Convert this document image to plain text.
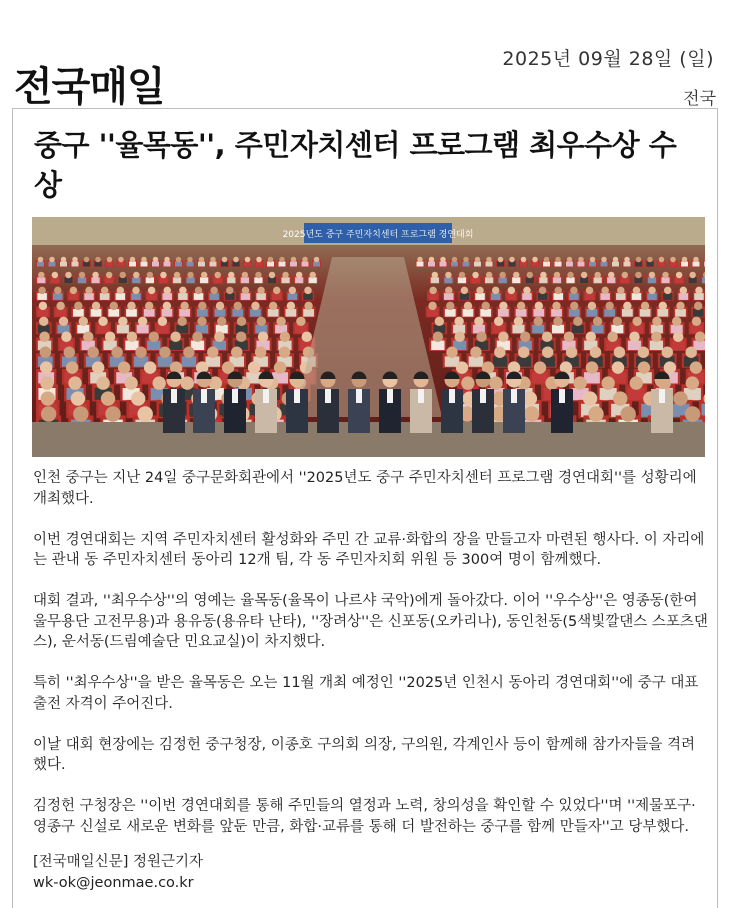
2025년 09월 28일 (일)
전국매일	전국
중구 ''율목동'', 주민자치센터 프로그램 최우수상 수상
2025년도 중구 주민자치센터 프로그램 경연대회

인천 중구는 지난 24일 중구문화회관에서 ''2025년도 중구 주민자치센터 프로그램 경연대회''를 성황리에 개최했다.

이번 경연대회는 지역 주민자치센터 활성화와 주민 간 교류·화합의 장을 만들고자 마련된 행사다. 이 자리에는 관내 동 주민자치센터 동아리 12개 팀, 각 동 주민자치회 위원 등 300여 명이 함께했다.

대회 결과, ''최우수상''의 영예는 율목동(율목이 나르샤 국악)에게 돌아갔다. 이어 ''우수상''은 영종동(한여울무용단 고전무용)과 용유동(용유타 난타), ''장려상''은 신포동(오카리나), 동인천동(5색빛깔댄스 스포츠댄스), 운서동(드림예술단 민요교실)이 차지했다.

특히 ''최우수상''을 받은 율목동은 오는 11월 개최 예정인 ''2025년 인천시 동아리 경연대회''에 중구 대표 출전 자격이 주어진다.

이날 대회 현장에는 김정헌 중구청장, 이종호 구의회 의장, 구의원, 각계인사 등이 함께해 참가자들을 격려했다.

김정헌 구청장은 ''이번 경연대회를 통해 주민들의 열정과 노력, 창의성을 확인할 수 있었다''며 ''제물포구·영종구 신설로 새로운 변화를 앞둔 만큼, 화합·교류를 통해 더 발전하는 중구를 함께 만들자''고 당부했다.

[전국매일신문] 정원근기자
wk-ok@jeonmae.co.kr
